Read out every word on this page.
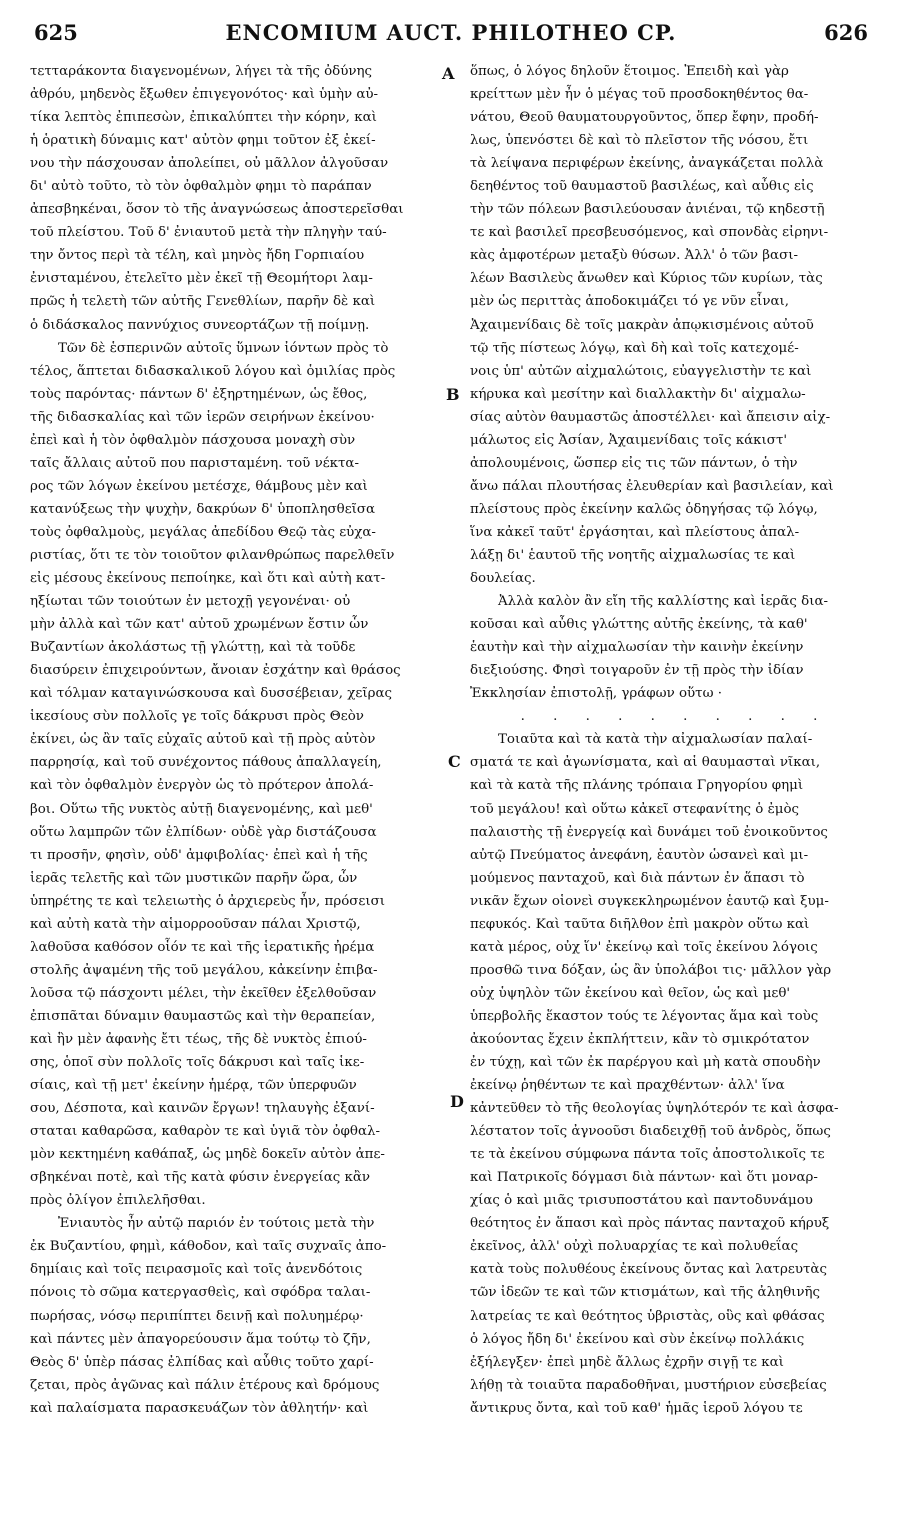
625	ENCOMIUM AUCT. PHILOTHEO CP.	626
τετταράκοντα διαγενομένων, λήγει τὰ τῆς ὀδύνης
ἀθρόυ, μηδενὸς ἔξωθεν ἐπιγεγονότος· καὶ ὑμὴν αὐ-
τίκα λεπτὸς ἐπιπεσὼν, ἐπικαλύπτει τὴν κόρην, καὶ
ἡ ὁρατικὴ δύναμις κατ' αὐτὸν φημι τοῦτον ἐξ ἐκεί-
νου τὴν πάσχουσαν ἀπολείπει, οὐ μᾶλλον ἀλγοῦσαν
δι' αὐτὸ τοῦτο, τὸ τὸν ὀφθαλμὸν φημι τὸ παράπαν
ἀπεσβηκέναι, ὅσον τὸ τῆς ἀναγνώσεως ἀποστερεῖσθαι
τοῦ πλείστου. Τοῦ δ' ἐνιαυτοῦ μετὰ τὴν πληγὴν ταύ-
την ὄντος περὶ τὰ τέλη, καὶ μηνὸς ἤδη Γορπιαίου
ἐνισταμένου, ἐτελεῖτο μὲν ἐκεῖ τῇ Θεομήτορι λαμ-
πρῶς ἡ τελετὴ τῶν αὐτῆς Γενεθλίων, παρῆν δὲ καὶ
ὁ διδάσκαλος παννύχιος συνεορτάζων τῇ ποίμνῃ.
Τῶν δὲ ἑσπερινῶν αὐτοῖς ὕμνων ἰόντων πρὸς τὸ
τέλος, ἅπτεται διδασκαλικοῦ λόγου καὶ ὁμιλίας πρὸς
τοὺς παρόντας· πάντων δ' ἐξηρτημένων, ὡς ἔθος,
τῆς διδασκαλίας καὶ τῶν ἱερῶν σειρήνων ἐκείνου·
ἐπεὶ καὶ ἡ τὸν ὀφθαλμὸν πάσχουσα μοναχὴ σὺν
ταῖς ἄλλαις αὐτοῦ που παρισταμένη. τοῦ νέκτα-
ρος τῶν λόγων ἐκείνου μετέσχε, θάμβους μὲν καὶ
κατανύξεως τὴν ψυχὴν, δακρύων δ' ὑποπλησθεῖσα
τοὺς ὀφθαλμοὺς, μεγάλας ἀπεδίδου Θεῷ τὰς εὐχα-
ριστίας, ὅτι τε τὸν τοιοῦτον φιλανθρώπως παρελθεῖν
εἰς μέσους ἐκείνους πεποίηκε, καὶ ὅτι καὶ αὐτὴ κατ-
ηξίωται τῶν τοιούτων ἐν μετοχῇ γεγονέναι· οὐ
μὴν ἀλλὰ καὶ τῶν κατ' αὐτοῦ χρωμένων ἔστιν ὧν
Βυζαντίων ἀκολάστως τῇ γλώττῃ, καὶ τὰ τοῦδε
διασύρειν ἐπιχειρούντων, ἄνοιαν ἐσχάτην καὶ θράσος
καὶ τόλμαν καταγινώσκουσα καὶ δυσσέβειαν, χεῖρας
ἱκεσίους σὺν πολλοῖς γε τοῖς δάκρυσι πρὸς Θεὸν
ἐκίνει, ὡς ἂν ταῖς εὐχαῖς αὐτοῦ καὶ τῇ πρὸς αὐτὸν
παρρησίᾳ, καὶ τοῦ συνέχοντος πάθους ἀπαλλαγείη,
καὶ τὸν ὀφθαλμὸν ἐνεργὸν ὡς τὸ πρότερον ἀπολά-
βοι. Οὕτω τῆς νυκτὸς αὐτῇ διαγενομένης, καὶ μεθ'
οὕτω λαμπρῶν τῶν ἐλπίδων· οὐδὲ γὰρ διστάζουσα
τι προσῆν, φησὶν, οὐδ' ἀμφιβολίας· ἐπεὶ καὶ ἡ τῆς
ἱερᾶς τελετῆς καὶ τῶν μυστικῶν παρῆν ὥρα, ὧν
ὑπηρέτης τε καὶ τελειωτὴς ὁ ἀρχιερεὺς ἦν, πρόσεισι
καὶ αὐτὴ κατὰ τὴν αἱμορροοῦσαν πάλαι Χριστῷ,
λαθοῦσα καθόσον οἷόν τε καὶ τῆς ἱερατικῆς ἠρέμα
στολῆς ἀψαμένη τῆς τοῦ μεγάλου, κἀκείνην ἐπιβα-
λοῦσα τῷ πάσχοντι μέλει, τὴν ἐκεῖθεν ἐξελθοῦσαν
ἐπισπᾶται δύναμιν θαυμαστῶς καὶ τὴν θεραπείαν,
καὶ ἣν μὲν ἀφανὴς ἔτι τέως, τῆς δὲ νυκτὸς ἐπιού-
σης, ὁποῖ σὺν πολλοῖς τοῖς δάκρυσι καὶ ταῖς ἱκε-
σίαις, καὶ τῇ μετ' ἐκείνην ἡμέρᾳ, τῶν ὑπερφυῶν
σου, Δέσποτα, καὶ καινῶν ἔργων! τηλαυγὴς ἐξανί-
σταται καθαρῶσα, καθαρὸν τε καὶ ὑγιᾶ τὸν ὀφθαλ-
μὸν κεκτημένη καθάπαξ, ὡς μηδὲ δοκεῖν αὐτὸν ἀπε-
σβηκέναι ποτὲ, καὶ τῆς κατὰ φύσιν ἐνεργείας κἂν
πρὸς ὀλίγον ἐπιλελῆσθαι.
Ἐνιαυτὸς ἦν αὐτῷ παριόν ἐν τούτοις μετὰ τὴν
ἐκ Βυζαντίου, φημὶ, κάθοδον, καὶ ταῖς συχναῖς ἀπο-
δημίαις καὶ τοῖς πειρασμοῖς καὶ τοῖς ἀνενδότοις
πόνοις τὸ σῶμα κατεργασθεὶς, καὶ σφόδρα ταλαι-
πωρήσας, νόσῳ περιπίπτει δεινῇ καὶ πολυημέρῳ·
καὶ πάντες μὲν ἀπαγορεύουσιν ἅμα τούτῳ τὸ ζῆν,
Θεὸς δ' ὑπὲρ πάσας ἐλπίδας καὶ αὖθις τοῦτο χαρί-
ζεται, πρὸς ἀγῶνας καὶ πάλιν ἑτέρους καὶ δρόμους
καὶ παλαίσματα παρασκευάζων τὸν ἀθλητήν· καὶ
ὅπως, ὁ λόγος δηλοῦν ἕτοιμος. Ἐπειδὴ καὶ γὰρ
κρείττων μὲν ἦν ὁ μέγας τοῦ προσδοκηθέντος θα-
νάτου, Θεοῦ θαυματουργοῦντος, ὅπερ ἔφην, προδή-
λως, ὑπενόστει δὲ καὶ τὸ πλεῖστον τῆς νόσου, ἔτι
τὰ λείψανα περιφέρων ἐκείνης, ἀναγκάζεται πολλὰ
δεηθέντος τοῦ θαυμαστοῦ βασιλέως, καὶ αὖθις εἰς
τὴν τῶν πόλεων βασιλεύουσαν ἀνιέναι, τῷ κηδεστῇ
τε καὶ βασιλεῖ πρεσβευσόμενος, καὶ σπονδὰς εἰρηνι-
κὰς ἀμφοτέρων μεταξὺ θύσων. Ἀλλ' ὁ τῶν βασι-
λέων Βασιλεὺς ἄνωθεν καὶ Κύριος τῶν κυρίων, τὰς
μὲν ὡς περιττὰς ἀποδοκιμάζει τό γε νῦν εἶναι,
Ἀχαιμενίδαις δὲ τοῖς μακρὰν ἀπῳκισμένοις αὐτοῦ
τῷ τῆς πίστεως λόγῳ, καὶ δὴ καὶ τοῖς κατεχομέ-
νοις ὑπ' αὐτῶν αἰχμαλώτοις, εὐαγγελιστὴν τε καὶ
κήρυκα καὶ μεσίτην καὶ διαλλακτὴν δι' αἰχμαλω-
σίας αὐτὸν θαυμαστῶς ἀποστέλλει· καὶ ἄπεισιν αἰχ-
μάλωτος εἰς Ἀσίαν, Ἀχαιμενίδαις τοῖς κάκιστ'
ἀπολουμένοις, ὥσπερ εἰς τις τῶν πάντων, ὁ τὴν
ἄνω πάλαι πλουτήσας ἐλευθερίαν καὶ βασιλείαν, καὶ
πλείστους πρὸς ἐκείνην καλῶς ὁδηγήσας τῷ λόγῳ,
ἵνα κἀκεῖ ταῦτ' ἐργάσηται, καὶ πλείστους ἀπαλ-
λάξῃ δι' ἑαυτοῦ τῆς νοητῆς αἰχμαλωσίας τε καὶ
δουλείας.
Ἀλλὰ καλὸν ἂν εἴη τῆς καλλίστης καὶ ἱερᾶς δια-
κοῦσαι καὶ αὖθις γλώττης αὐτῆς ἐκείνης, τὰ καθ'
ἑαυτὴν καὶ τὴν αἰχμαλωσίαν τὴν καινὴν ἐκείνην
διεξιούσης. Φησὶ τοιγαροῦν ἐν τῇ πρὸς τὴν ἰδίαν
Ἐκκλησίαν ἐπιστολῇ, γράφων οὕτω ·
. . . . . . . . . .
Τοιαῦτα καὶ τὰ κατὰ τὴν αἰχμαλωσίαν παλαί-
σματά τε καὶ ἀγωνίσματα, καὶ αἱ θαυμασταὶ νῖκαι,
καὶ τὰ κατὰ τῆς πλάνης τρόπαια Γρηγορίου φημὶ
τοῦ μεγάλου! καὶ οὕτω κἀκεῖ στεφανίτης ὁ ἐμὸς
παλαιστὴς τῇ ἐνεργείᾳ καὶ δυνάμει τοῦ ἐνοικοῦντος
αὐτῷ Πνεύματος ἀνεφάνη, ἑαυτὸν ὡσανεὶ καὶ μι-
μούμενος πανταχοῦ, καὶ διὰ πάντων ἐν ἅπασι τὸ
νικᾶν ἔχων οἱονεὶ συγκεκληρωμένον ἑαυτῷ καὶ ξυμ-
πεφυκός. Καὶ ταῦτα διῆλθον ἐπὶ μακρὸν οὕτω καὶ
κατὰ μέρος, οὐχ ἵν' ἐκείνῳ καὶ τοῖς ἐκείνου λόγοις
προσθῶ τινα δόξαν, ὡς ἂν ὑπολάβοι τις· μᾶλλον γὰρ
οὐχ ὑψηλὸν τῶν ἐκείνου καὶ θεῖον, ὡς καὶ μεθ'
ὑπερβολῆς ἕκαστον τούς τε λέγοντας ἅμα καὶ τοὺς
ἀκούοντας ἔχειν ἐκπλήττειν, κἂν τὸ σμικρότατον
ἐν τύχῃ, καὶ τῶν ἐκ παρέργου καὶ μὴ κατὰ σπουδὴν
ἐκείνῳ ῥηθέντων τε καὶ πραχθέντων· ἀλλ' ἵνα
κἀντεῦθεν τὸ τῆς θεολογίας ὑψηλότερόν τε καὶ ἀσφα-
λέστατον τοῖς ἀγνοοῦσι διαδειχθῇ τοῦ ἀνδρὸς, ὅπως
τε τὰ ἐκείνου σύμφωνα πάντα τοῖς ἀποστολικοῖς τε
καὶ Πατρικοῖς δόγμασι διὰ πάντων· καὶ ὅτι μοναρ-
χίας ὁ καὶ μιᾶς τρισυποστάτου καὶ παντοδυνάμου
θεότητος ἐν ἅπασι καὶ πρὸς πάντας πανταχοῦ κήρυξ
ἐκεῖνος, ἀλλ' οὐχὶ πολυαρχίας τε καὶ πολυθεΐας
κατὰ τοὺς πολυθέους ἐκείνους ὄντας καὶ λατρευτὰς
τῶν ἰδεῶν τε καὶ τῶν κτισμάτων, καὶ τῆς ἀληθινῆς
λατρείας τε καὶ θεότητος ὑβριστὰς, οὓς καὶ φθάσας
ὁ λόγος ἤδη δι' ἐκείνου καὶ σὺν ἐκείνῳ πολλάκις
ἐξήλεγξεν· ἐπεὶ μηδὲ ἄλλως ἐχρῆν σιγῇ τε καὶ
λήθῃ τὰ τοιαῦτα παραδοθῆναι, μυστήριον εὐσεβείας
ἄντικρυς ὄντα, καὶ τοῦ καθ' ἡμᾶς ἱεροῦ λόγου τε
A
B
C
D
